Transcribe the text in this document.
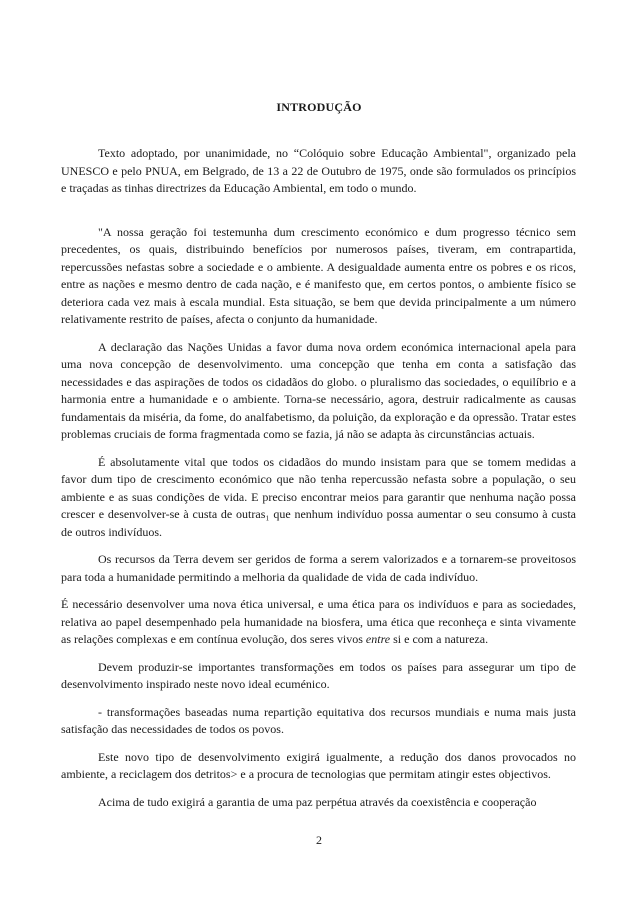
INTRODUÇÃO

Texto adoptado, por unanimidade, no “Colóquio sobre Educação Ambiental", organizado pela UNESCO e pelo PNUA, em Belgrado, de 13 a 22 de Outubro de 1975, onde são formulados os princípios e traçadas as tinhas directrizes da Educação Ambiental, em todo o mundo.

"A nossa geração foi testemunha dum crescimento económico e dum progresso técnico sem precedentes, os quais, distribuindo benefícios por numerosos países, tiveram, em contrapartida, repercussões nefastas sobre a sociedade e o ambiente. A desigualdade aumenta entre os pobres e os ricos, entre as nações e mesmo dentro de cada nação, e é manifesto que, em certos pontos, o ambiente físico se deteriora cada vez mais à escala mundial. Esta situação, se bem que devida principalmente a um número relativamente restrito de países, afecta o conjunto da humanidade.

A declaração das Nações Unidas a favor duma nova ordem económica internacional apela para uma nova concepção de desenvolvimento. uma concepção que tenha em conta a satisfação das necessidades e das aspirações de todos os cidadãos do globo. o pluralismo das sociedades, o equilíbrio e a harmonia entre a humanidade e o ambiente. Torna-se necessário, agora, destruir radicalmente as causas fundamentais da miséria, da fome, do analfabetismo, da poluição, da exploração e da opressão. Tratar estes problemas cruciais de forma fragmentada como se fazia, já não se adapta às circunstâncias actuais.

É absolutamente vital que todos os cidadãos do mundo insistam para que se tomem medidas a favor dum tipo de crescimento económico que não tenha repercussão nefasta sobre a população, o seu ambiente e as suas condições de vida. E preciso encontrar meios para garantir que nenhuma nação possa crescer e desenvolver-se à custa de outras₁ que nenhum indivíduo possa aumentar o seu consumo à custa de outros indivíduos.

Os recursos da Terra devem ser geridos de forma a serem valorizados e a tornarem-se proveitosos para toda a humanidade permitindo a melhoria da qualidade de vida de cada indivíduo.

É necessário desenvolver uma nova ética universal, e uma ética para os indivíduos e para as sociedades, relativa ao papel desempenhado pela humanidade na biosfera, uma ética que reconheça e sinta vivamente as relações complexas e em contínua evolução, dos seres vivos entre si e com a natureza.

Devem produzir-se importantes transformações em todos os países para assegurar um tipo de desenvolvimento inspirado neste novo ideal ecuménico.

- transformações baseadas numa repartição equitativa dos recursos mundiais e numa mais justa satisfação das necessidades de todos os povos.

Este novo tipo de desenvolvimento exigirá igualmente, a redução dos danos provocados no ambiente, a reciclagem dos detritos> e a procura de tecnologias que permitam atingir estes objectivos.

Acima de tudo exigirá a garantia de uma paz perpétua através da coexistência e cooperação

2
